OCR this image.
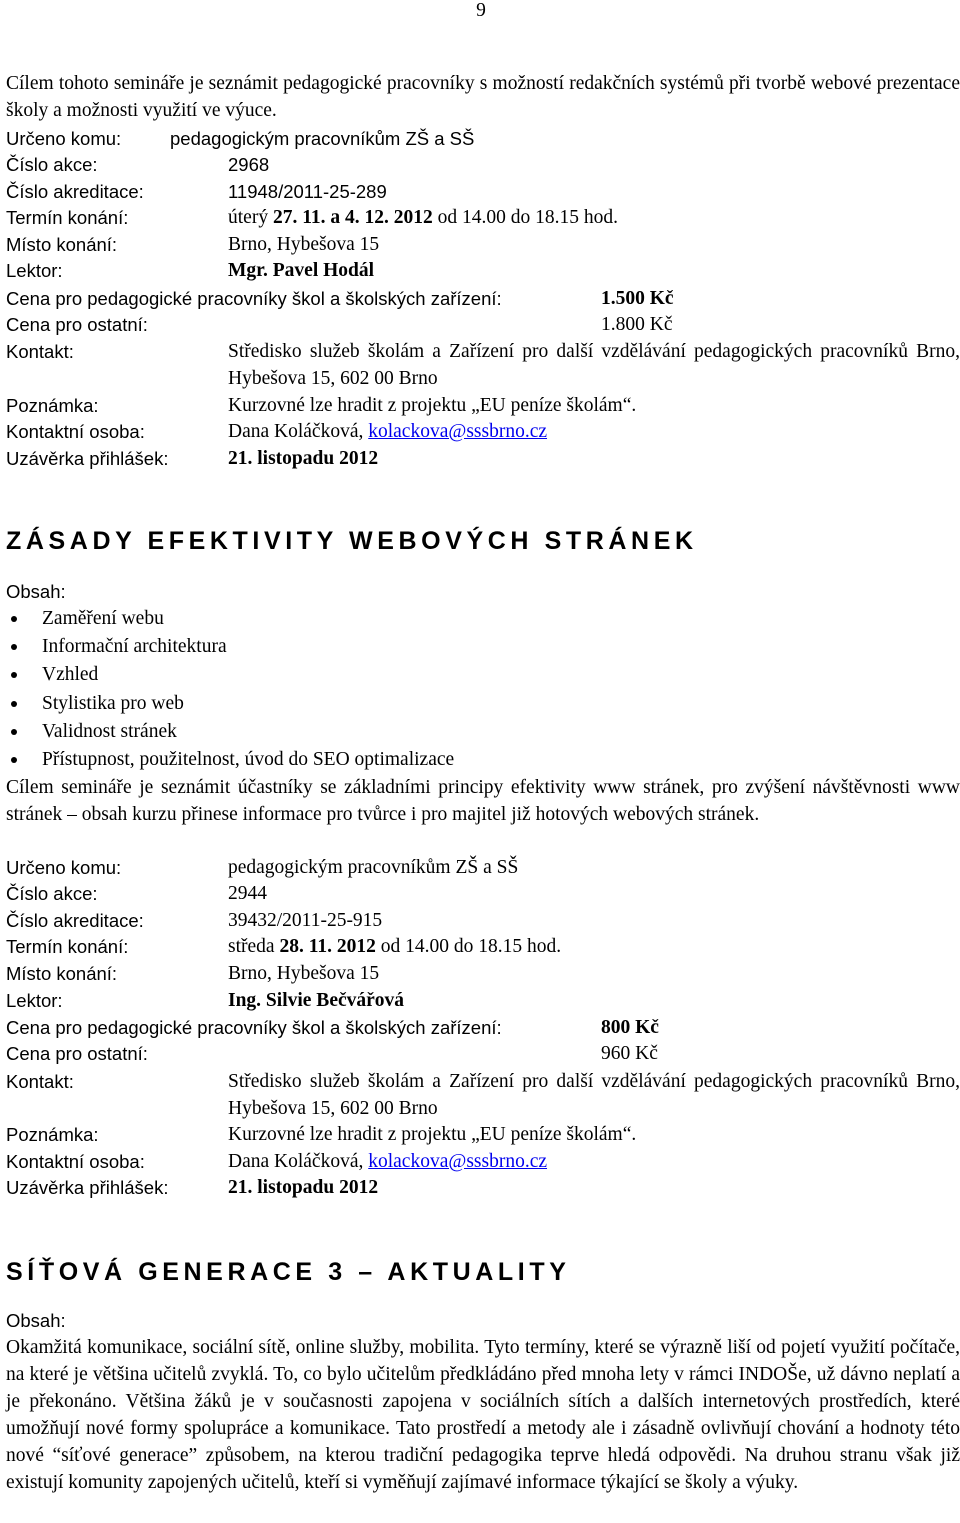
9

Cílem tohoto semináře je seznámit pedagogické pracovníky s možností redakčních systémů při tvorbě webové prezentace školy a možnosti využití ve výuce.

Určeno komu:	pedagogickým pracovníkům ZŠ a SŠ
Číslo akce:	2968
Číslo akreditace:	11948/2011-25-289
Termín konání:	úterý 27. 11. a 4. 12. 2012 od 14.00 do 18.15 hod.
Místo konání:	Brno, Hybešova 15
Lektor:	Mgr. Pavel Hodál
Cena pro pedagogické pracovníky škol a školských zařízení:	1.500 Kč
Cena pro ostatní:	1.800 Kč
Kontakt:	Středisko služeb školám a Zařízení pro další vzdělávání pedagogických pracovníků Brno, Hybešova 15, 602 00 Brno
Poznámka:	Kurzovné lze hradit z projektu „EU peníze školám“.
Kontaktní osoba:	Dana Koláčková, kolackova@sssbrno.cz
Uzávěrka přihlášek:	21. listopadu 2012
ZÁSADY EFEKTIVITY WEBOVÝCH STRÁNEK
Obsah:
Zaměření webu
Informační architektura
Vzhled
Stylistika pro web
Validnost stránek
Přístupnost, použitelnost, úvod do SEO optimalizace

Cílem semináře je seznámit účastníky se základními principy efektivity www stránek, pro zvýšení návštěvnosti www stránek – obsah kurzu přinese informace pro tvůrce i pro majitel již hotových webových stránek.

Určeno komu:	pedagogickým pracovníkům ZŠ a SŠ
Číslo akce:	2944
Číslo akreditace:	39432/2011-25-915
Termín konání:	středa 28. 11. 2012 od 14.00 do 18.15 hod.
Místo konání:	Brno, Hybešova 15
Lektor:	Ing. Silvie Bečvářová
Cena pro pedagogické pracovníky škol a školských zařízení:	800 Kč
Cena pro ostatní:	960 Kč
Kontakt:	Středisko služeb školám a Zařízení pro další vzdělávání pedagogických pracovníků Brno, Hybešova 15, 602 00 Brno
Poznámka:	Kurzovné lze hradit z projektu „EU peníze školám“.
Kontaktní osoba:	Dana Koláčková, kolackova@sssbrno.cz
Uzávěrka přihlášek:	21. listopadu 2012
SÍŤOVÁ GENERACE 3 – AKTUALITY
Obsah:

Okamžitá komunikace, sociální sítě, online služby, mobilita. Tyto termíny, které se výrazně liší od pojetí využití počítače, na které je většina učitelů zvyklá. To, co bylo učitelům předkládáno před mnoha lety v rámci INDOŠe, už dávno neplatí a je překonáno. Většina žáků je v současnosti zapojena v sociálních sítích a dalších internetových prostředích, které umožňují nové formy spolupráce a komunikace. Tato prostředí a metody ale i zásadně ovlivňují chování a hodnoty této nové “síťové generace” způsobem, na kterou tradiční pedagogika teprve hledá odpovědi. Na druhou stranu však již existují komunity zapojených učitelů, kteří si vyměňují zajímavé informace týkající se školy a výuky.
